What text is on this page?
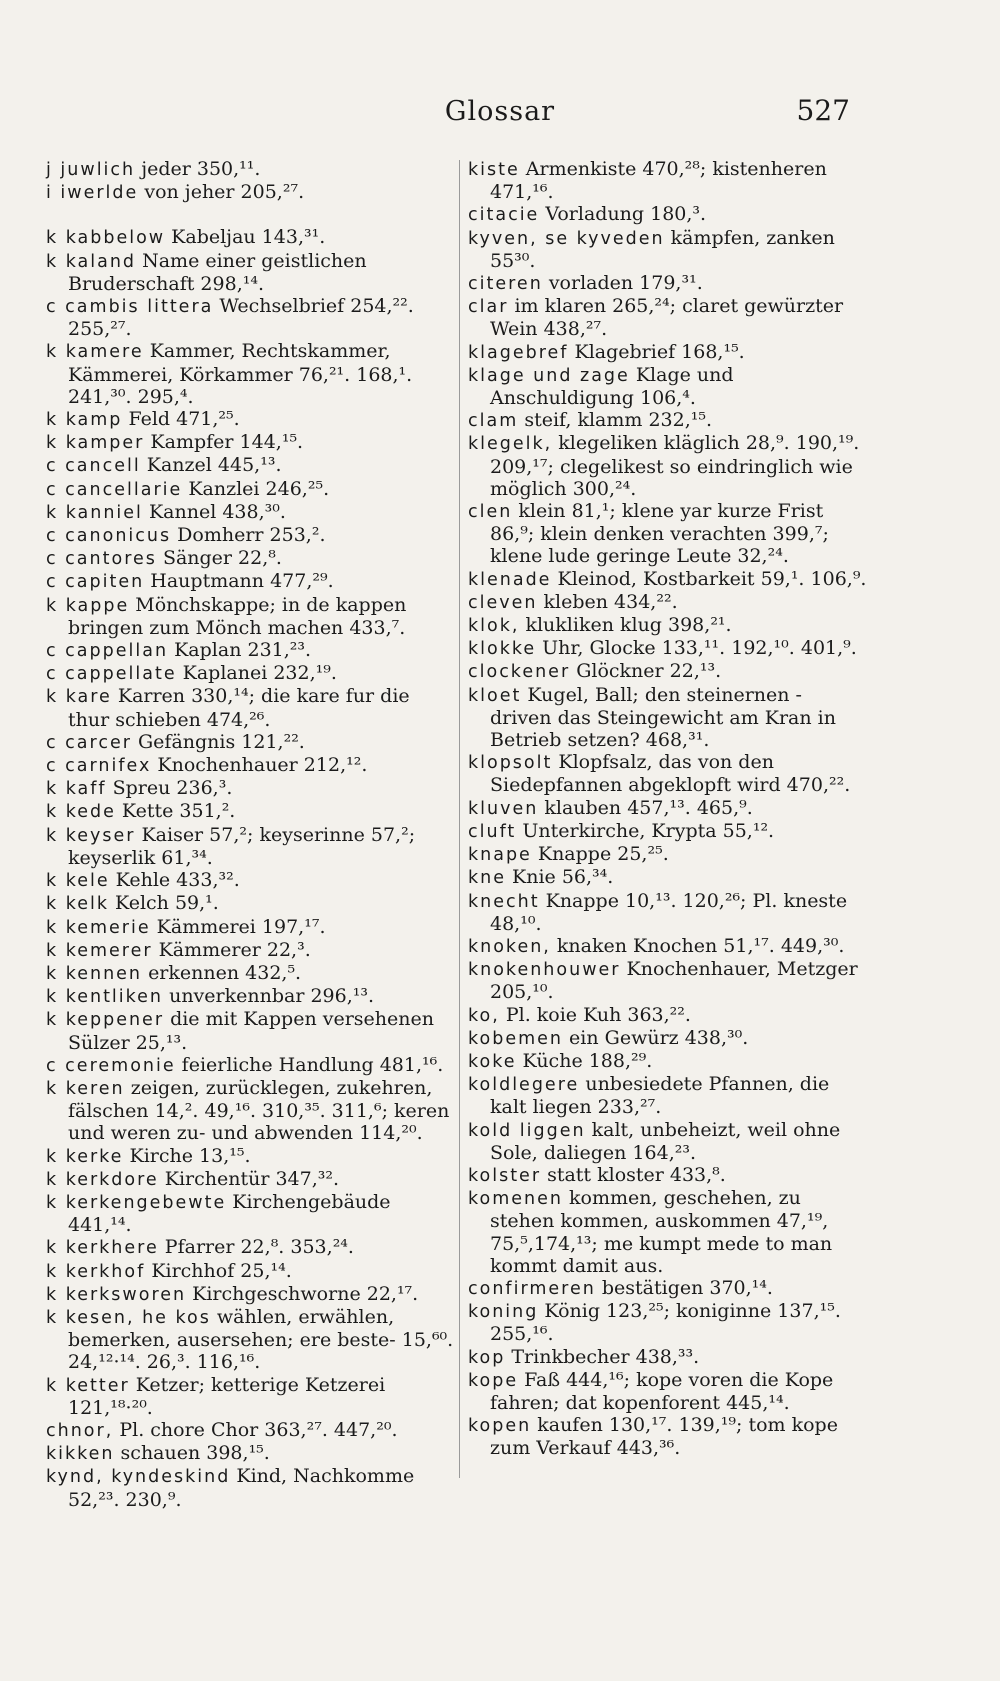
Glossar	527

j juwlich jeder 350,¹¹.

i iwerlde von jeher 205,²⁷.

k kabbelow Kabeljau 143,³¹.

k kaland Name einer geistlichen Bruderschaft 298,¹⁴.

c cambis littera Wechselbrief 254,²². 255,²⁷.

k kamere Kammer, Rechtskammer, Kämmerei, Körkammer 76,²¹. 168,¹. 241,³⁰. 295,⁴.

k kamp Feld 471,²⁵.

k kamper Kampfer 144,¹⁵.

c cancell Kanzel 445,¹³.

c cancellarie Kanzlei 246,²⁵.

k kanniel Kannel 438,³⁰.

c canonicus Domherr 253,².

c cantores Sänger 22,⁸.

c capiten Hauptmann 477,²⁹.

k kappe Mönchskappe; in de kappen bringen zum Mönch machen 433,⁷.

c cappellan Kaplan 231,²³.

c cappellate Kaplanei 232,¹⁹.

k kare Karren 330,¹⁴; die kare fur die thur schieben 474,²⁶.

c carcer Gefängnis 121,²².

c carnifex Knochenhauer 212,¹².

k kaff Spreu 236,³.

k kede Kette 351,².

k keyser Kaiser 57,²; keyserinne 57,²; keyserlik 61,³⁴.

k kele Kehle 433,³².

k kelk Kelch 59,¹.

k kemerie Kämmerei 197,¹⁷.

k kemerer Kämmerer 22,³.

k kennen erkennen 432,⁵.

k kentliken unverkennbar 296,¹³.

k keppener die mit Kappen versehenen Sülzer 25,¹³.

c ceremonie feierliche Handlung 481,¹⁶.

k keren zeigen, zurücklegen, zukehren, fälschen 14,². 49,¹⁶. 310,³⁵. 311,⁶; keren und weren zu- und abwenden 114,²⁰.

k kerke Kirche 13,¹⁵.

k kerkdore Kirchentür 347,³².

k kerkengebewte Kirchengebäude 441,¹⁴.

k kerkhere Pfarrer 22,⁸. 353,²⁴.

k kerkhof Kirchhof 25,¹⁴.

k kerksworen Kirchgeschworne 22,¹⁷.

k kesen, he kos wählen, erwählen, bemerken, ausersehen; ere beste- 15,⁶⁰. 24,¹²·¹⁴. 26,³. 116,¹⁶.

k ketter Ketzer; ketterige Ketzerei 121,¹⁸·²⁰.

chnor, Pl. chore Chor 363,²⁷. 447,²⁰.

kikken schauen 398,¹⁵.

kynd, kyndeskind Kind, Nachkomme 52,²³. 230,⁹.

kiste Armenkiste 470,²⁸; kistenheren 471,¹⁶.

citacie Vorladung 180,³.

kyven, se kyveden kämpfen, zanken 55³⁰.

citeren vorladen 179,³¹.

clar im klaren 265,²⁴; claret gewürzter Wein 438,²⁷.

klagebref Klagebrief 168,¹⁵.

klage und zage Klage und Anschuldigung 106,⁴.

clam steif, klamm 232,¹⁵.

klegelk, klegeliken kläglich 28,⁹. 190,¹⁹. 209,¹⁷; clegelikest so eindringlich wie möglich 300,²⁴.

clen klein 81,¹; klene yar kurze Frist 86,⁹; klein denken verachten 399,⁷; klene lude geringe Leute 32,²⁴.

klenade Kleinod, Kostbarkeit 59,¹. 106,⁹.

cleven kleben 434,²².

klok, klukliken klug 398,²¹.

klokke Uhr, Glocke 133,¹¹. 192,¹⁰. 401,⁹.

clockener Glöckner 22,¹³.

kloet Kugel, Ball; den steinernen - driven das Steingewicht am Kran in Betrieb setzen? 468,³¹.

klopsolt Klopfsalz, das von den Siedepfannen abgeklopft wird 470,²².

kluven klauben 457,¹³. 465,⁹.

cluft Unterkirche, Krypta 55,¹².

knape Knappe 25,²⁵.

kne Knie 56,³⁴.

knecht Knappe 10,¹³. 120,²⁶; Pl. kneste 48,¹⁰.

knoken, knaken Knochen 51,¹⁷. 449,³⁰.

knokenhouwer Knochenhauer, Metzger 205,¹⁰.

ko, Pl. koie Kuh 363,²².

kobemen ein Gewürz 438,³⁰.

koke Küche 188,²⁹.

koldlegere unbesiedete Pfannen, die kalt liegen 233,²⁷.

kold liggen kalt, unbeheizt, weil ohne Sole, daliegen 164,²³.

kolster statt kloster 433,⁸.

komenen kommen, geschehen, zu stehen kommen, auskommen 47,¹⁹, 75,⁵,174,¹³; me kumpt mede to man kommt damit aus.

confirmeren bestätigen 370,¹⁴.

koning König 123,²⁵; koniginne 137,¹⁵. 255,¹⁶.

kop Trinkbecher 438,³³.

kope Faß 444,¹⁶; kope voren die Kope fahren; dat kopenforent 445,¹⁴.

kopen kaufen 130,¹⁷. 139,¹⁹; tom kope zum Verkauf 443,³⁶.
